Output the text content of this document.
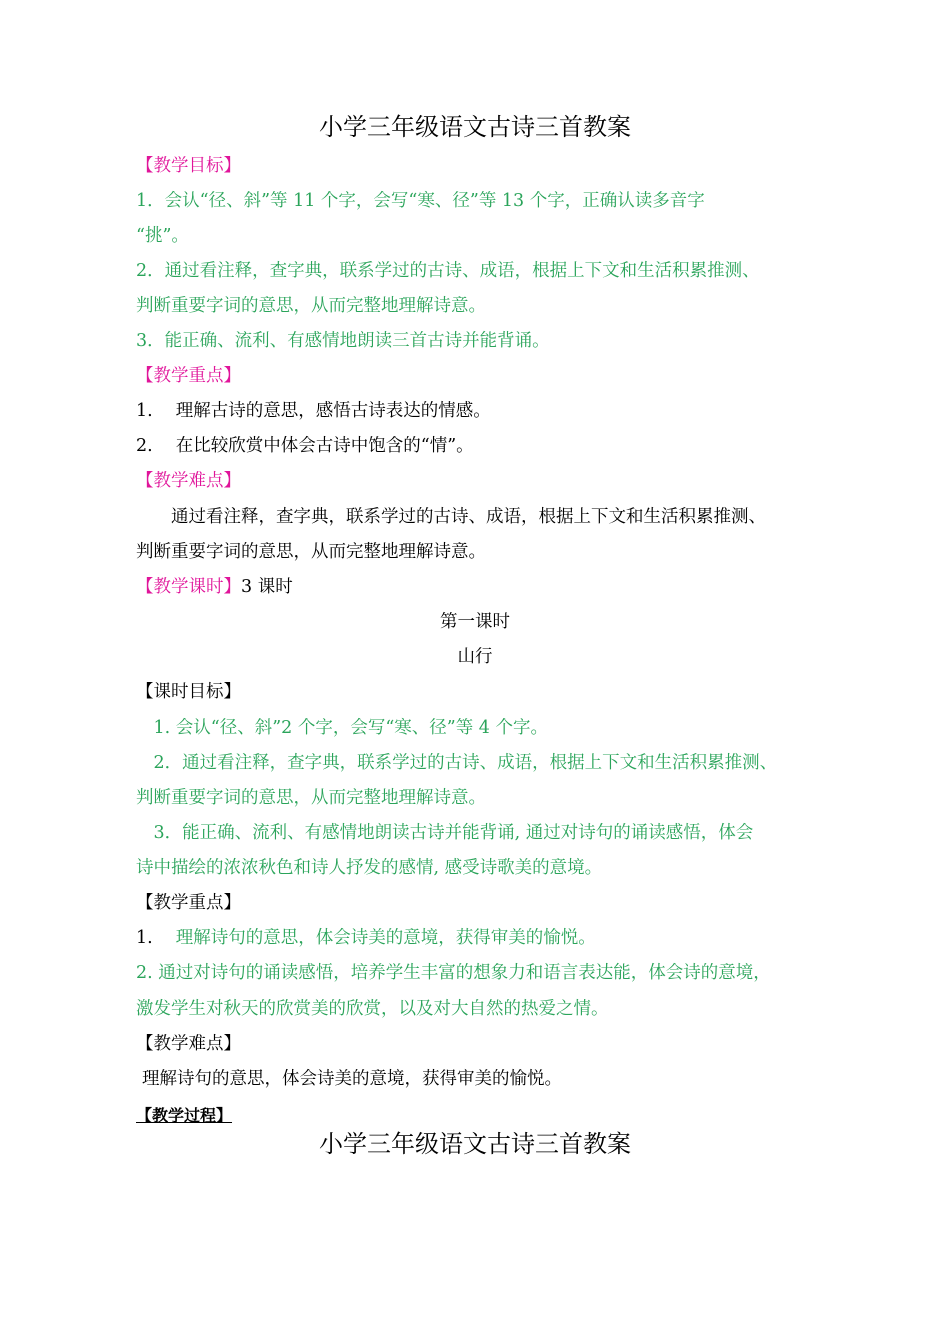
小学三年级语文古诗三首教案
【教学目标】
1．会认“径、斜”等 11 个字，会写“寒、径”等 13 个字，正确认读多音字
“挑”。
2．通过看注释，查字典，联系学过的古诗、成语，根据上下文和生活积累推测、
判断重要字词的意思，从而完整地理解诗意。
3．能正确、流利、有感情地朗读三首古诗并能背诵。
【教学重点】
1.　 理解古诗的意思，感悟古诗表达的情感。
2.　 在比较欣赏中体会古诗中饱含的“情”。
【教学难点】
　　通过看注释，查字典，联系学过的古诗、成语，根据上下文和生活积累推测、
判断重要字词的意思，从而完整地理解诗意。
【教学课时】3 课时
第一课时
山行
【课时目标】
　1. 会认“径、斜”2 个字，会写“寒、径”等 4 个字。
　2．通过看注释，查字典，联系学过的古诗、成语，根据上下文和生活积累推测、
判断重要字词的意思，从而完整地理解诗意。
　3．能正确、流利、有感情地朗读古诗并能背诵, 通过对诗句的诵读感悟，体会
诗中描绘的浓浓秋色和诗人抒发的感情, 感受诗歌美的意境。
【教学重点】
1.　 理解诗句的意思，体会诗美的意境，获得审美的愉悦。
2. 通过对诗句的诵读感悟，培养学生丰富的想象力和语言表达能，体会诗的意境，
激发学生对秋天的欣赏美的欣赏，以及对大自然的热爱之情。
【教学难点】
理解诗句的意思，体会诗美的意境，获得审美的愉悦。
【教学过程】
小学三年级语文古诗三首教案
